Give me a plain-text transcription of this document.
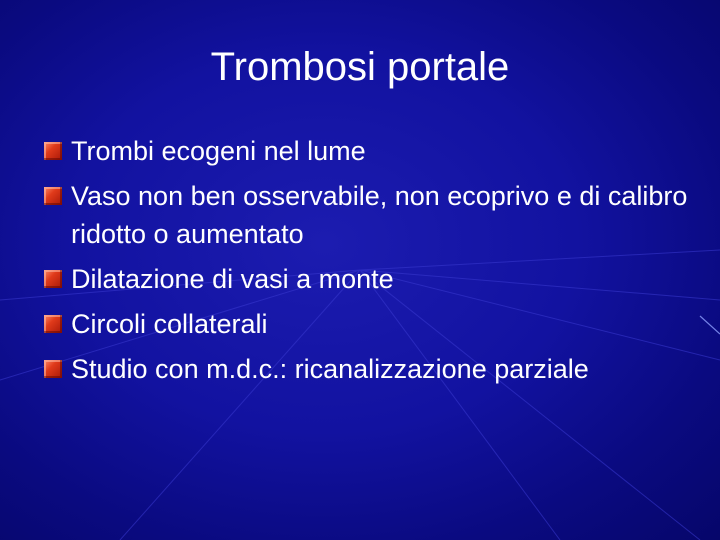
Trombosi portale
Trombi ecogeni nel lume
Vaso non ben osservabile, non ecoprivo e di calibro ridotto o aumentato
Dilatazione di vasi a monte
Circoli collaterali
Studio con m.d.c.: ricanalizzazione parziale
